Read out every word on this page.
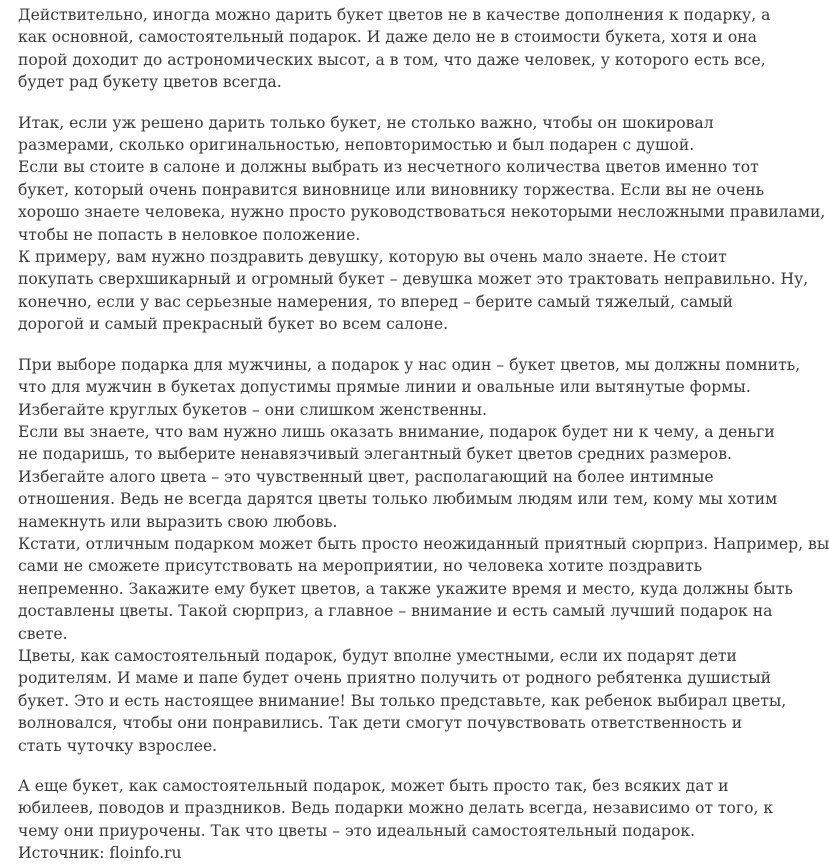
Действительно, иногда можно дарить букет цветов не в качестве дополнения к подарку, а
как основной, самостоятельный подарок. И даже дело не в стоимости букета, хотя и она
порой доходит до астрономических высот, а в том, что даже человек, у которого есть все,
будет рад букету цветов всегда.

Итак, если уж решено дарить только букет, не столько важно, чтобы он шокировал
размерами, сколько оригинальностью, неповторимостью и был подарен с душой.

Если вы стоите в салоне и должны выбрать из несчетного количества цветов именно тот
букет, который очень понравится виновнице или виновнику торжества. Если вы не очень
хорошо знаете человека, нужно просто руководствоваться некоторыми несложными правилами,
чтобы не попасть в неловкое положение.

К примеру, вам нужно поздравить девушку, которую вы очень мало знаете. Не стоит
покупать сверхшикарный и огромный букет – девушка может это трактовать неправильно. Ну,
конечно, если у вас серьезные намерения, то вперед – берите самый тяжелый, самый
дорогой и самый прекрасный букет во всем салоне.

При выборе подарка для мужчины, а подарок у нас один – букет цветов, мы должны помнить,
что для мужчин в букетах допустимы прямые линии и овальные или вытянутые формы.
Избегайте круглых букетов – они слишком женственны.

Если вы знаете, что вам нужно лишь оказать внимание, подарок будет ни к чему, а деньги
не подаришь, то выберите ненавязчивый элегантный букет цветов средних размеров.
Избегайте алого цвета – это чувственный цвет, располагающий на более интимные
отношения. Ведь не всегда дарятся цветы только любимым людям или тем, кому мы хотим
намекнуть или выразить свою любовь.

Кстати, отличным подарком может быть просто неожиданный приятный сюрприз. Например, вы
сами не сможете присутствовать на мероприятии, но человека хотите поздравить
непременно. Закажите ему букет цветов, а также укажите время и место, куда должны быть
доставлены цветы. Такой сюрприз, а главное – внимание и есть самый лучший подарок на
свете.

Цветы, как самостоятельный подарок, будут вполне уместными, если их подарят дети
родителям. И маме и папе будет очень приятно получить от родного ребятенка душистый
букет. Это и есть настоящее внимание! Вы только представьте, как ребенок выбирал цветы,
волновался, чтобы они понравились. Так дети смогут почувствовать ответственность и
стать чуточку взрослее.

А еще букет, как самостоятельный подарок, может быть просто так, без всяких дат и
юбилеев, поводов и праздников. Ведь подарки можно делать всегда, независимо от того, к
чему они приурочены. Так что цветы – это идеальный самостоятельный подарок.

Источник: floinfo.ru
